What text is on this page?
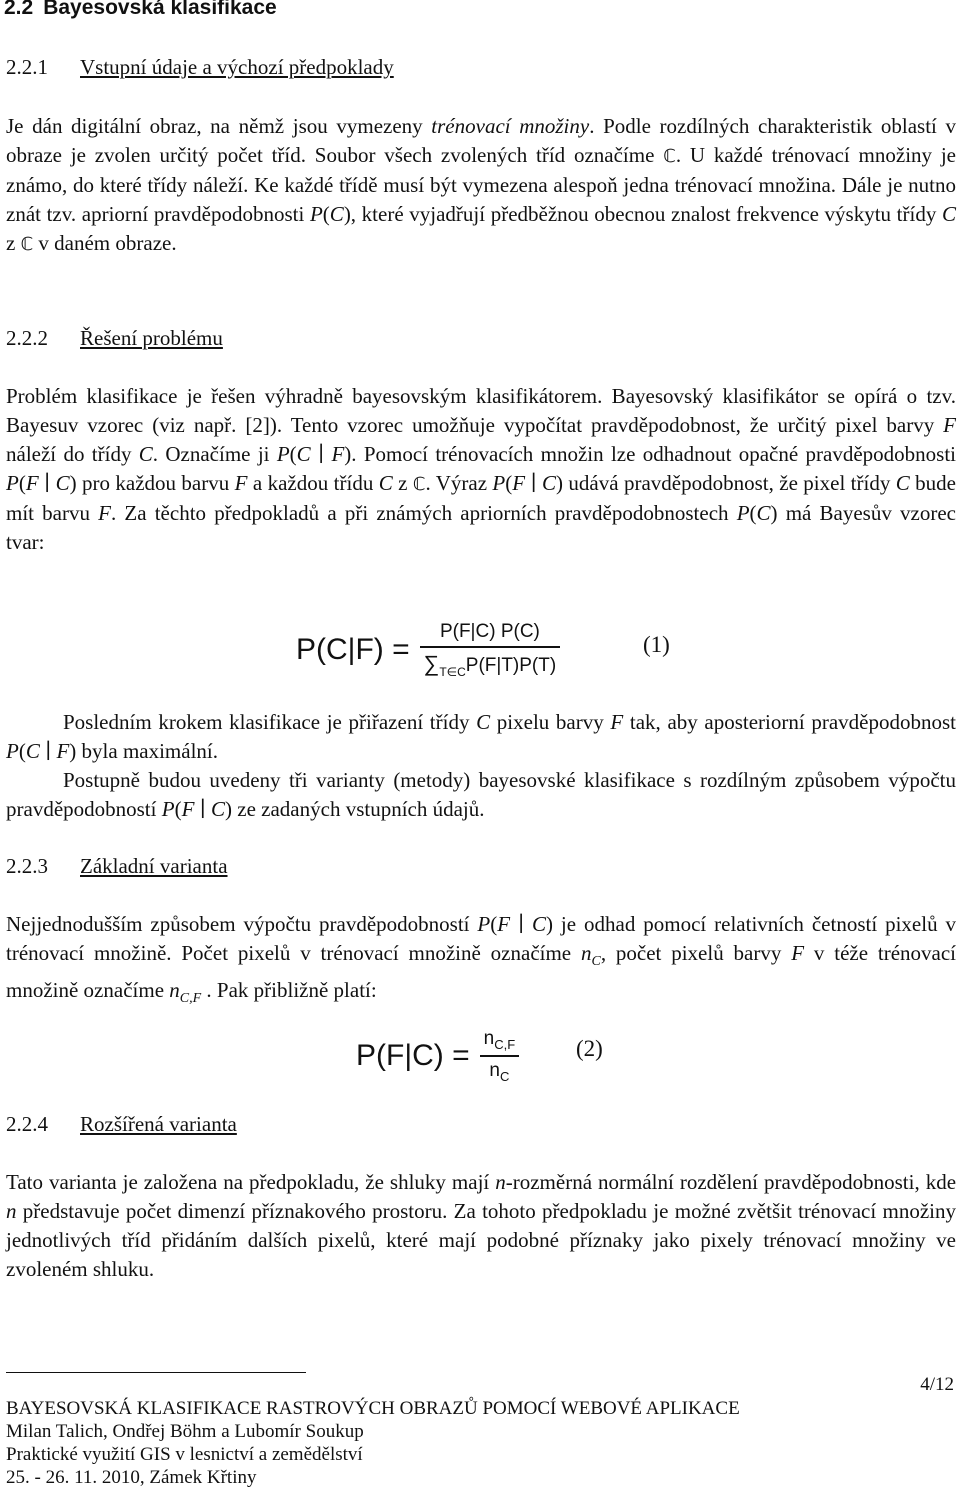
2.2 Bayesovská klasifikace
2.2.1 Vstupní údaje a výchozí předpoklady
Je dán digitální obraz, na němž jsou vymezeny trénovací množiny. Podle rozdílných charakteristik oblastí v obraze je zvolen určitý počet tříd. Soubor všech zvolených tříd označíme ℂ. U každé trénovací množiny je známo, do které třídy náleží. Ke každé třídě musí být vymezena alespoň jedna trénovací množina. Dále je nutno znát tzv. apriorní pravděpodobnosti P(C), které vyjadřují předběžnou obecnou znalost frekvence výskytu třídy C z ℂ v daném obraze.
2.2.2 Řešení problému
Problém klasifikace je řešen výhradně bayesovským klasifikátorem. Bayesovský klasifikátor se opírá o tzv. Bayesuv vzorec (viz např. [2]). Tento vzorec umožňuje vypočítat pravděpodobnost, že určitý pixel barvy F náleží do třídy C. Označíme ji P(C ∣ F). Pomocí trénovacích množin lze odhadnout opačné pravděpodobnosti P(F ∣ C) pro každou barvu F a každou třídu C z ℂ. Výraz P(F ∣ C) udává pravděpodobnost, že pixel třídy C bude mít barvu F. Za těchto předpokladů a při známých apriorních pravděpodobnostech P(C) má Bayesův vzorec tvar:
$P(C|F) = \frac{P(F|C) P(C)}{\sum_{T\in C}P(F|T)P(T)}$	(1)
Posledním krokem klasifikace je přiřazení třídy C pixelu barvy F tak, aby aposteriorní pravděpodobnost P(C ∣ F) byla maximální.
Postupně budou uvedeny tři varianty (metody) bayesovské klasifikace s rozdílným způsobem výpočtu pravděpodobností P(F ∣ C) ze zadaných vstupních údajů.
2.2.3 Základní varianta
Nejjednodušším způsobem výpočtu pravděpodobností P(F ∣ C) je odhad pomocí relativních četností pixelů v trénovací množině. Počet pixelů v trénovací množině označíme $n_C$, počet pixelů barvy F v téže trénovací množině označíme $n_{C,F}$ . Pak přibližně platí:
$P(F|C) = \frac{n_{C,F}}{n_C} (2)$
2.2.4 Rozšířená varianta
Tato varianta je založena na předpokladu, že shluky mají n-rozměrná normální rozdělení pravděpodobnosti, kde n představuje počet dimenzí příznakového prostoru. Za tohoto předpokladu je možné zvětšit trénovací množiny jednotlivých tříd přidáním dalších pixelů, které mají podobné příznaky jako pixely trénovací množiny ve zvoleném shluku.
4/12
BAYESOVSKÁ KLASIFIKACE RASTROVÝCH OBRAZŮ POMOCÍ WEBOVÉ APLIKACE
Milan Talich, Ondřej Böhm a Lubomír Soukup
Praktické využití GIS v lesnictví a zemědělství
25. - 26. 11. 2010, Zámek Křtiny
